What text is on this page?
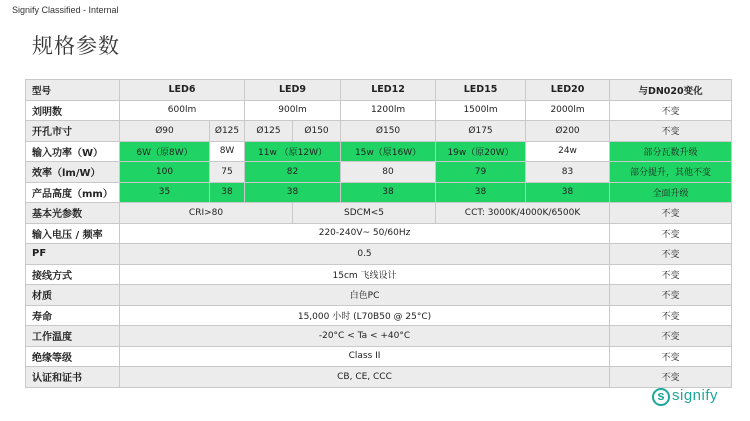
Signify Classified - Internal
规格参数
型号	LED6		LED9		LED12	LED15	LED20	与DN020变化
刘明数	600lm		900lm		1200lm	1500lm	2000lm	不变
开孔市寸	Ø90	Ø125	Ø125	Ø150	Ø150	Ø175	Ø200	不变
输入功率（W）	6W（原8W）	8W	11w （原12W）		15w（原16W）	19w（原20W）	24w	部分瓦数升级
效率（lm/W）	100	75	82		80	79	83	部分提升，其他不变
产品高度（mm）	35	38	38		38	38	38	全面升级
基本光参数	CRI>80			SDCM<5		CCT: 3000K/4000K/6500K		不变
输入电压 / 频率	220-240V~ 50/60Hz							不变
PF	0.5							不变
接线方式	15cm 飞线设计							不变
材质	白色PC							不变
寿命	15,000 小时 (L70B50 @ 25°C)							不变
工作温度	-20°C < Ta < +40°C							不变
绝缘等级	Class II							不变
认证和证书	CB, CE, CCC							不变
s signify
